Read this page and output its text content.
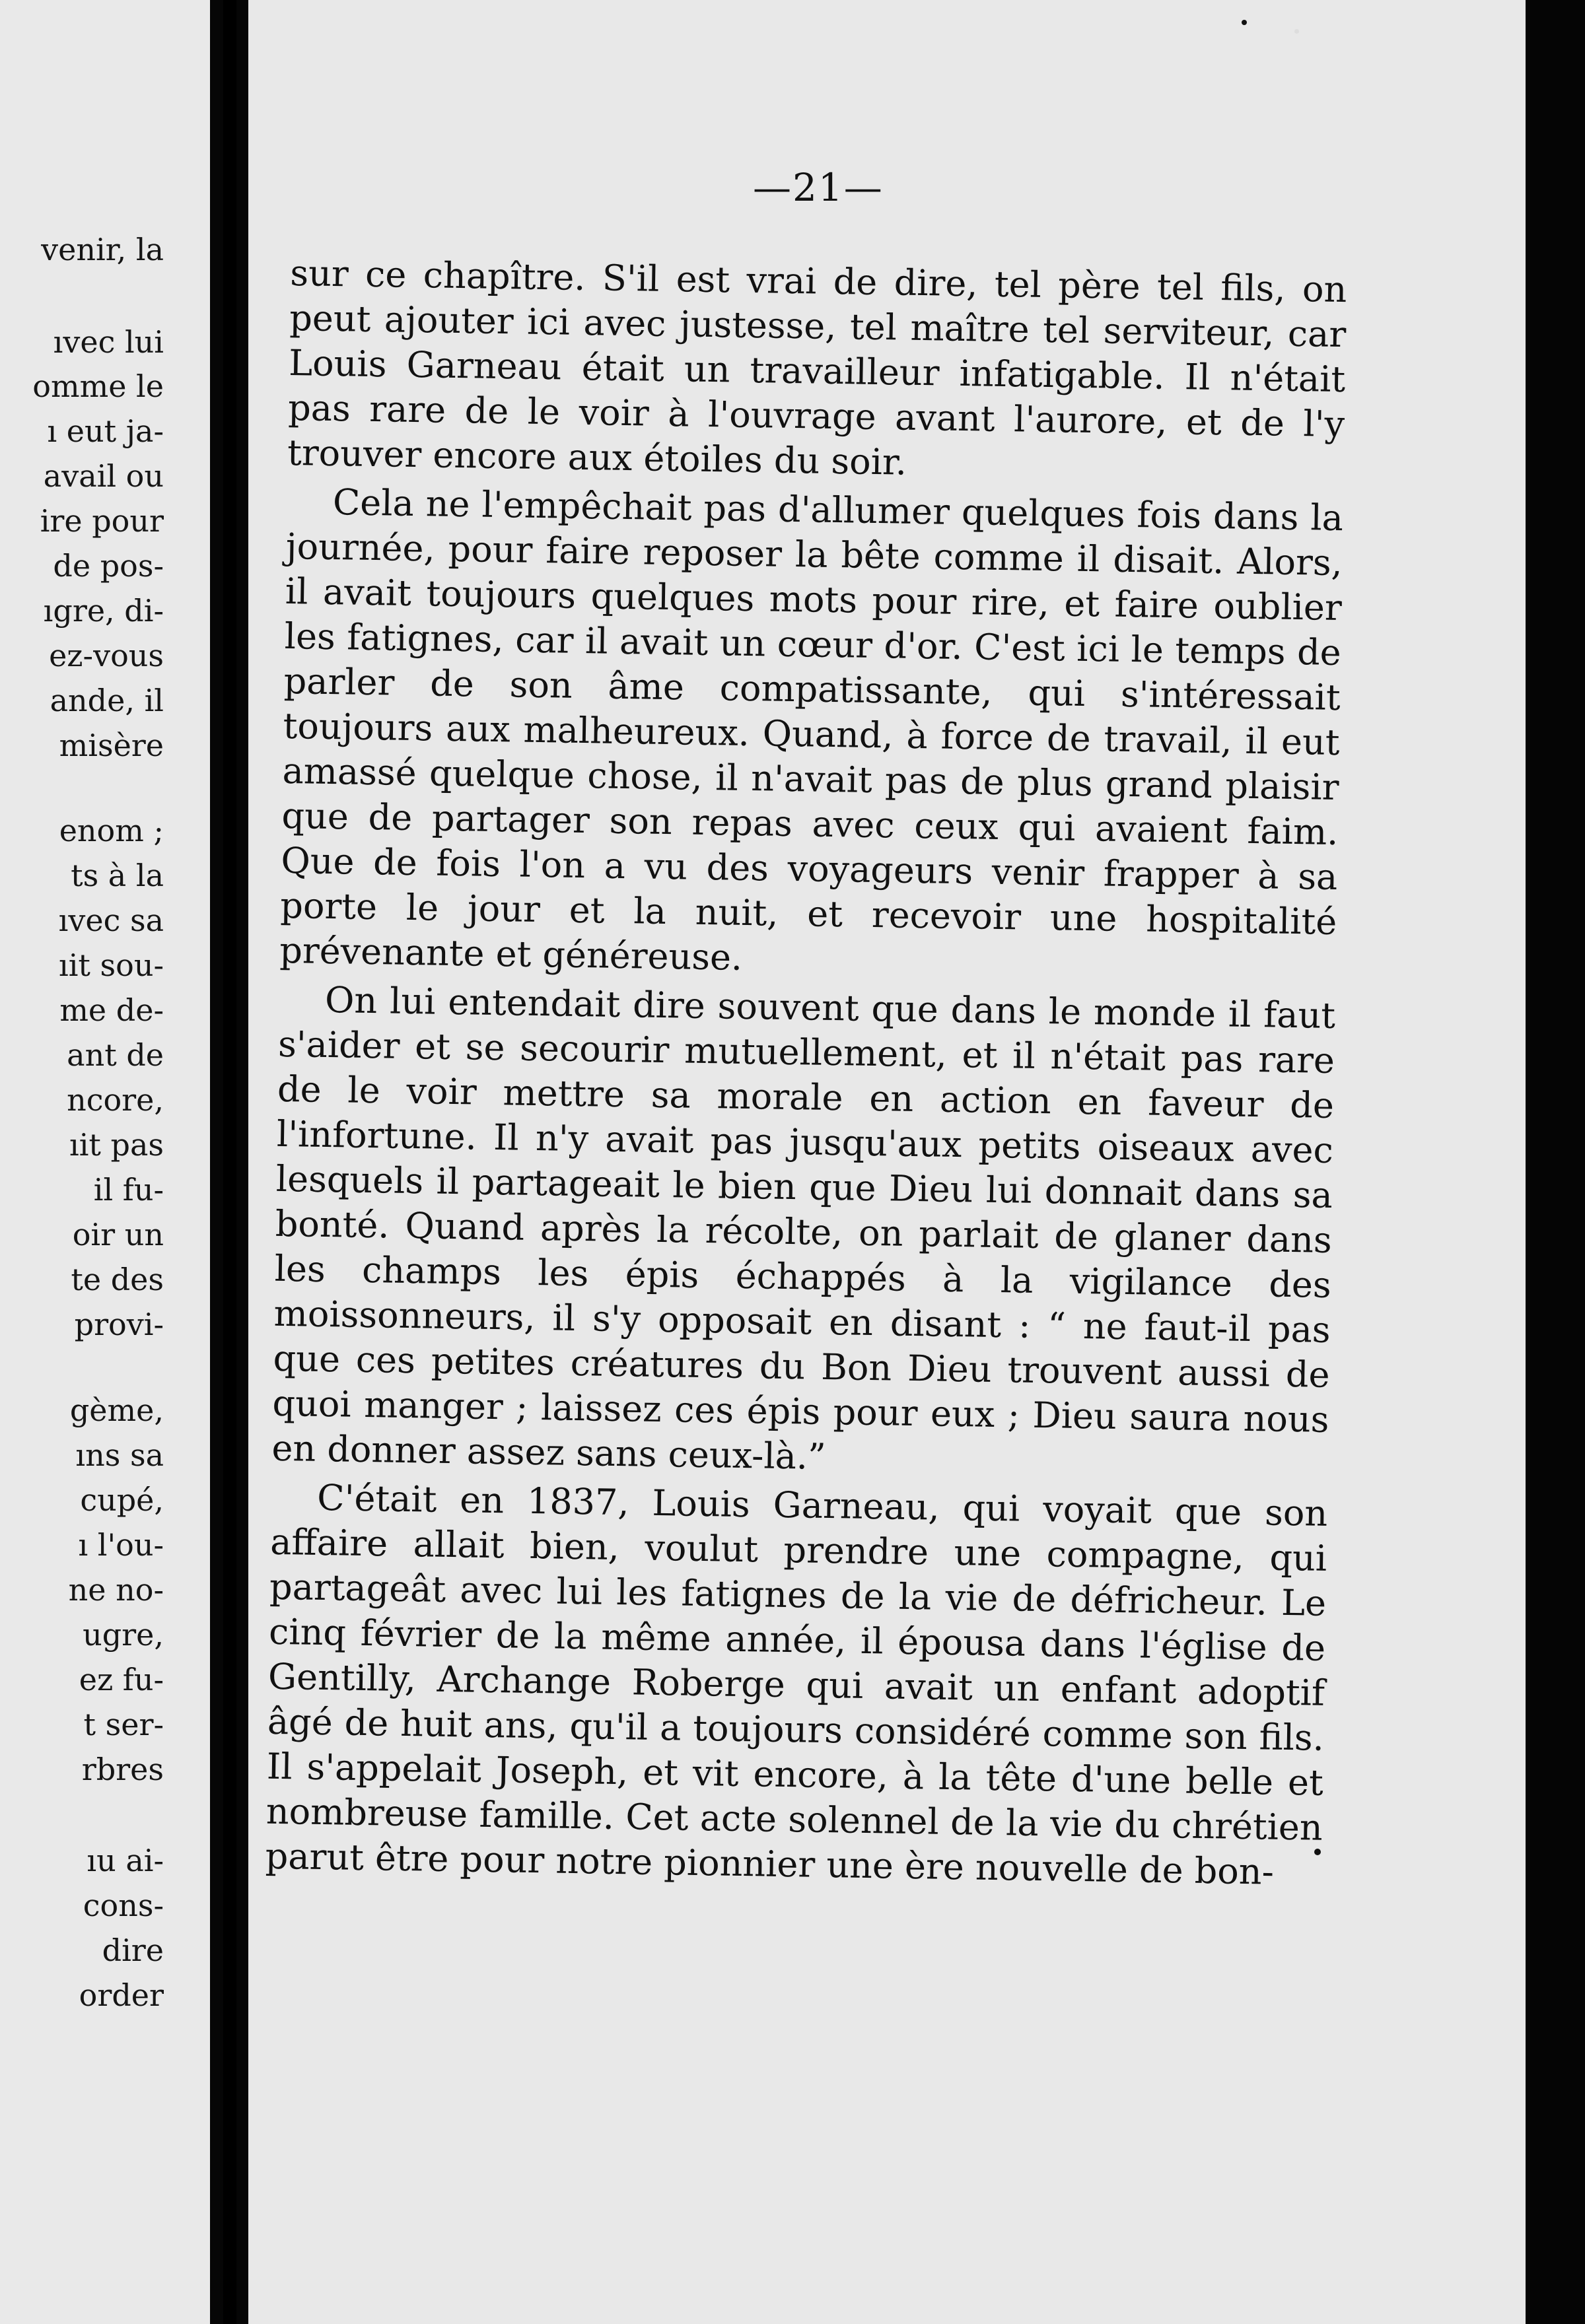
venir, la
ıvec lui
omme le
ı eut ja-
avail ou
ire pour
de pos-
ıgre, di-
ez-vous
ande, il
misère
enom ;
ts à la
ıvec sa
ıit sou-
me de-
ant de
ncore,
ıit pas
il fu-
oir un
te des
provi-
gème,
ıns sa
cupé,
ı l'ou-
ne no-
ugre,
ez fu-
t ser-
rbres
ıu ai-
cons-
dire
order
—21—

sur ce chapître. S'il est vrai de dire, tel père tel fils, on peut ajouter ici avec justesse, tel maître tel serviteur, car Louis Garneau était un travailleur infatigable. Il n'était pas rare de le voir à l'ouvrage avant l'aurore, et de l'y trouver encore aux étoiles du soir.

Cela ne l'empêchait pas d'allumer quelques fois dans la journée, pour faire reposer la bête comme il disait. Alors, il avait toujours quelques mots pour rire, et faire oublier les fatignes, car il avait un cœur d'or. C'est ici le temps de parler de son âme compatissante, qui s'intéressait toujours aux malheureux. Quand, à force de travail, il eut amassé quelque chose, il n'avait pas de plus grand plaisir que de partager son repas avec ceux qui avaient faim. Que de fois l'on a vu des voyageurs venir frapper à sa porte le jour et la nuit, et recevoir une hospitalité prévenante et généreuse.

On lui entendait dire souvent que dans le monde il faut s'aider et se secourir mutuellement, et il n'était pas rare de le voir mettre sa morale en action en faveur de l'infortune. Il n'y avait pas jusqu'aux petits oiseaux avec lesquels il partageait le bien que Dieu lui donnait dans sa bonté. Quand après la récolte, on parlait de glaner dans les champs les épis échappés à la vigilance des moissonneurs, il s'y opposait en disant : “ ne faut-il pas que ces petites créatures du Bon Dieu trouvent aussi de quoi manger ; laissez ces épis pour eux ; Dieu saura nous en donner assez sans ceux-là.”

C'était en 1837, Louis Garneau, qui voyait que son affaire allait bien, voulut prendre une compagne, qui partageât avec lui les fatignes de la vie de défricheur. Le cinq février de la même année, il épousa dans l'église de Gentilly, Archange Roberge qui avait un enfant adoptif âgé de huit ans, qu'il a toujours considéré comme son fils. Il s'appelait Joseph, et vit encore, à la tête d'une belle et nombreuse famille. Cet acte solennel de la vie du chrétien parut être pour notre pionnier une ère nouvelle de bon-
